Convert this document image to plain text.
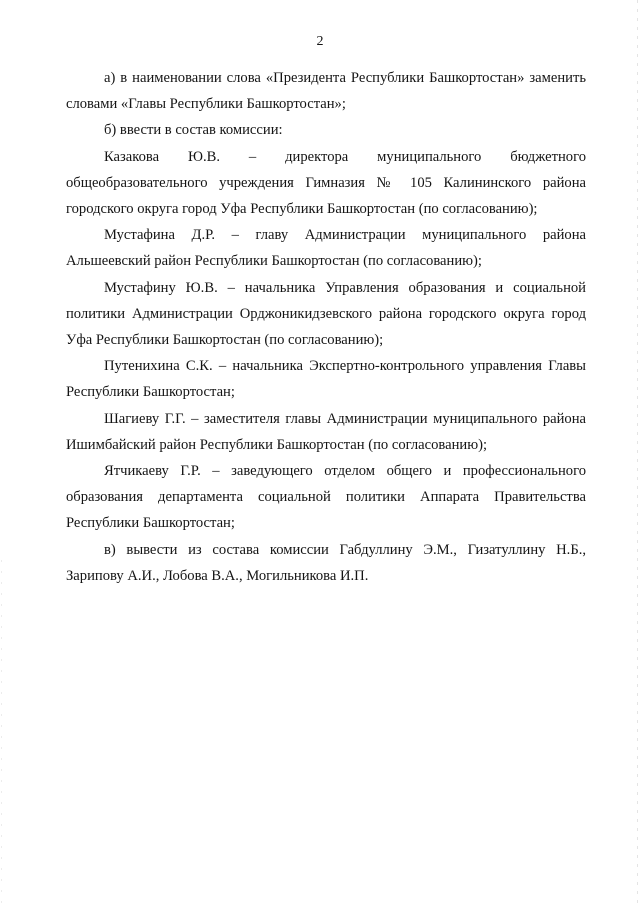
2

а) в наименовании слова «Президента Республики Башкортостан» заменить словами «Главы Республики Башкортостан»;

б) ввести в состав комиссии:

Казакова Ю.В. – директора муниципального бюджетного
общеобразовательного учреждения Гимназия № 105 Калининского района
городского округа город Уфа Республики Башкортостан (по согласованию);
Мустафина Д.Р. – главу Администрации муниципального района
Альшеевский район Республики Башкортостан (по согласованию);

Мустафину Ю.В. – начальника Управления образования и социальной политики Администрации Орджоникидзевского района городского округа город Уфа Республики Башкортостан (по согласованию);

Путенихина С.К. – начальника Экспертно-контрольного управления Главы Республики Башкортостан;

Шагиеву Г.Г. – заместителя главы Администрации муниципального района Ишимбайский район Республики Башкортостан (по согласованию);

Ятчикаеву Г.Р. – заведующего отделом общего и профессионального образования департамента социальной политики Аппарата Правительства Республики Башкортостан;

в) вывести из состава комиссии Габдуллину Э.М., Гизатуллину Н.Б.,
Зарипову А.И., Лобова В.А., Могильникова И.П.
